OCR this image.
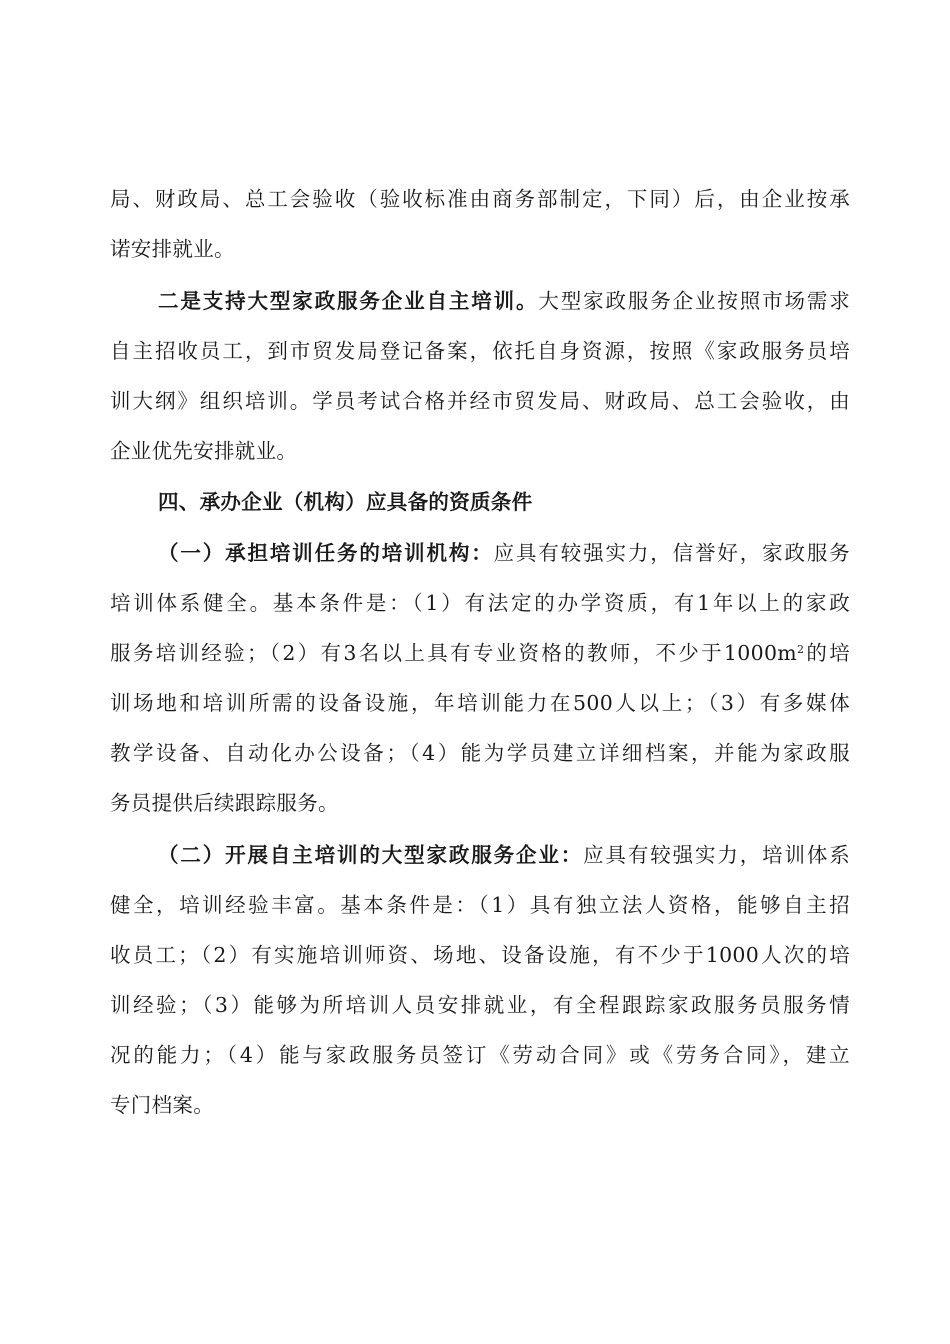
局、财政局、总工会验收（验收标准由商务部制定，下同）后，由企业按承
诺安排就业。
二是支持大型家政服务企业自主培训。大型家政服务企业按照市场需求
自主招收员工，到市贸发局登记备案，依托自身资源，按照《家政服务员培
训大纲》组织培训。学员考试合格并经市贸发局、财政局、总工会验收，由
企业优先安排就业。
四、承办企业（机构）应具备的资质条件
（一）承担培训任务的培训机构：应具有较强实力，信誉好，家政服务
培训体系健全。基本条件是：（1）有法定的办学资质，有1年以上的家政
服务培训经验；（2）有3名以上具有专业资格的教师，不少于$1000m^2$的培
训场地和培训所需的设备设施，年培训能力在500人以上；（3）有多媒体
教学设备、自动化办公设备；（4）能为学员建立详细档案，并能为家政服
务员提供后续跟踪服务。
（二）开展自主培训的大型家政服务企业：应具有较强实力，培训体系
健全，培训经验丰富。基本条件是：（1）具有独立法人资格，能够自主招
收员工；（2）有实施培训师资、场地、设备设施，有不少于1000人次的培
训经验；（3）能够为所培训人员安排就业，有全程跟踪家政服务员服务情
况的能力；（4）能与家政服务员签订《劳动合同》或《劳务合同》，建立
专门档案。
